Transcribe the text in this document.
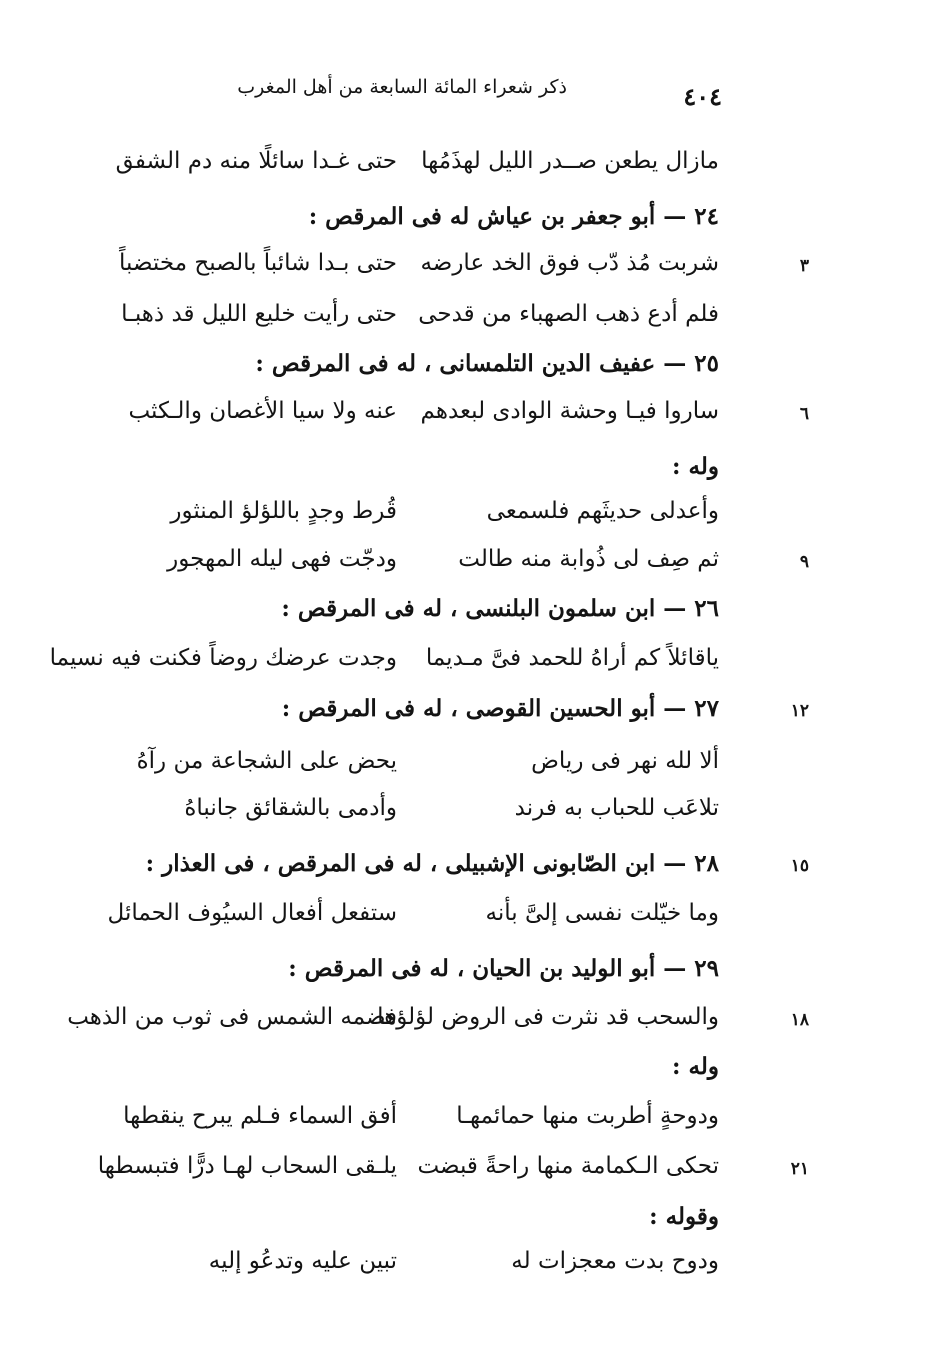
٤٠٤
ذكر شعراء المائة السابعة من أهل المغرب
مازال يطعن صــدر الليل لهذَمُها
حتى غـدا سائلًا منه دم الشفق
٢٤ — أبو جعفر بن عياش له فى المرقص :
شربت مُذ دّب فوق الخد عارضه
حتى بـدا شائباً بالصبح مختضباً	٣
فلم أدع ذهب الصهباء من قدحى
حتى رأيت خليع الليل قد ذهبـا
٢٥ — عفيف الدين التلمسانى ، له فى المرقص :
ساروا فيـا وحشة الوادى لبعدهم
عنه ولا سيا الأغصان والـكثب	٦
وله :
وأعدلى حديثَهم فلسمعى
قُرط وجدٍ باللؤلؤ المنثور
ثم صِف لى ذُوابة منه طالت
ودجّت فهى ليله المهجور	٩
٢٦ — ابن سلمون البلنسى ، له فى المرقص :
ياقائلاً كم أراهُ للحمد فىَّ مـديما
وجدت عرضك روضاً فكنت فيه نسيما
٢٧ — أبو الحسين القوصى ، له فى المرقص :	١٢
ألا لله نهر فى رياض
يحض على الشجاعة من رآهُ
تلاعَب للحباب به فرند
وأدمى بالشقائق جانباهُ
٢٨ — ابن الصّابونى الإشبيلى ، له فى المرقص ، فى العذار :	١٥
وما خيّلت نفسى إلىَّ بأنه
ستفعل أفعال السيُوف الحمائل
٢٩ — أبو الوليد بن الحيان ، له فى المرقص :
والسحب قد نثرت فى الروض لؤلؤها
فضمه الشمس فى ثوب من الذهب	١٨
وله :
ودوحةٍ أطربت منها حمائمهـا
أفق السماء فـلم يبرح ينقطها
تحكى الـكمامة منها راحةً قبضت
يلـقى السحاب لهـا درًّا فتبسطها	٢١
وقوله :
ودوح بدت معجزات له
تبين عليه وتدعُو إليه
